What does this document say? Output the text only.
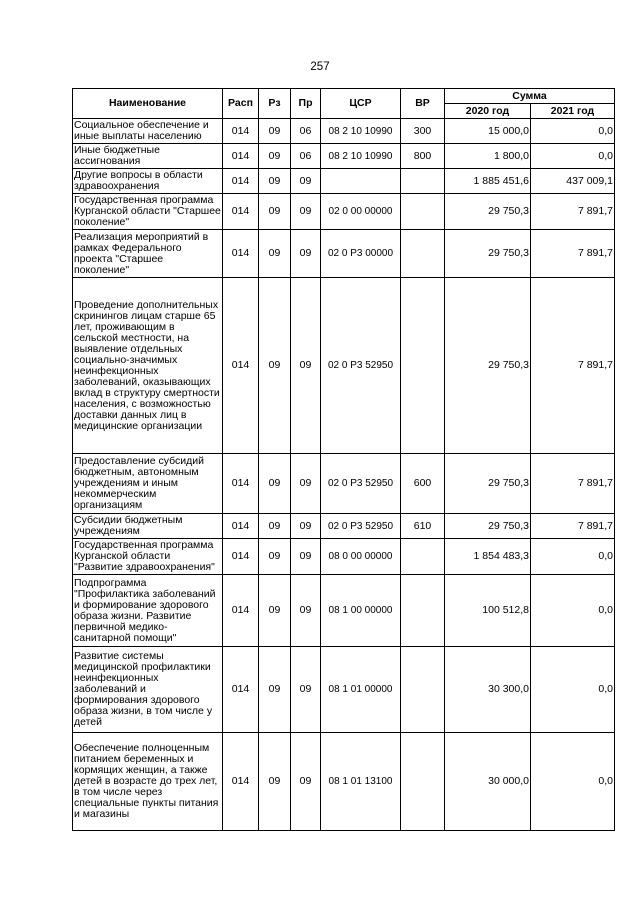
257
Наименование	Расп	Рз	Пр	ЦСР	ВР	Сумма	
						2020 год	2021 год
Социальное обеспечение и иные выплаты населению	014	09	06	08 2 10 10990	300	15 000,0	0,0
Иные бюджетные ассигнования	014	09	06	08 2 10 10990	800	1 800,0	0,0
Другие вопросы в области здравоохранения	014	09	09			1 885 451,6	437 009,1
Государственная программа Курганской области "Старшее поколение"	014	09	09	02 0 00 00000		29 750,3	7 891,7
Реализация мероприятий в рамках Федерального проекта "Старшее поколение"	014	09	09	02 0 P3 00000		29 750,3	7 891,7
Проведение дополнительных скринингов лицам старше 65 лет, проживающим в сельской местности, на выявление отдельных социально-значимых неинфекционных заболеваний, оказывающих вклад в структуру смертности населения, с возможностью доставки данных лиц в медицинские организации	014	09	09	02 0 P3 52950		29 750,3	7 891,7
Предоставление субсидий бюджетным, автономным учреждениям и иным некоммерческим организациям	014	09	09	02 0 P3 52950	600	29 750,3	7 891,7
Субсидии бюджетным учреждениям	014	09	09	02 0 P3 52950	610	29 750,3	7 891,7
Государственная программа Курганской области "Развитие здравоохранения"	014	09	09	08 0 00 00000		1 854 483,3	0,0
Подпрограмма "Профилактика заболеваний и формирование здорового образа жизни. Развитие первичной медико-санитарной помощи"	014	09	09	08 1 00 00000		100 512,8	0,0
Развитие системы медицинской профилактики неинфекционных заболеваний и формирования здорового образа жизни, в том числе у детей	014	09	09	08 1 01 00000		30 300,0	0,0
Обеспечение полноценным питанием беременных и кормящих женщин, а также детей в возрасте до трех лет, в том числе через специальные пункты питания и магазины	014	09	09	08 1 01 13100		30 000,0	0,0
